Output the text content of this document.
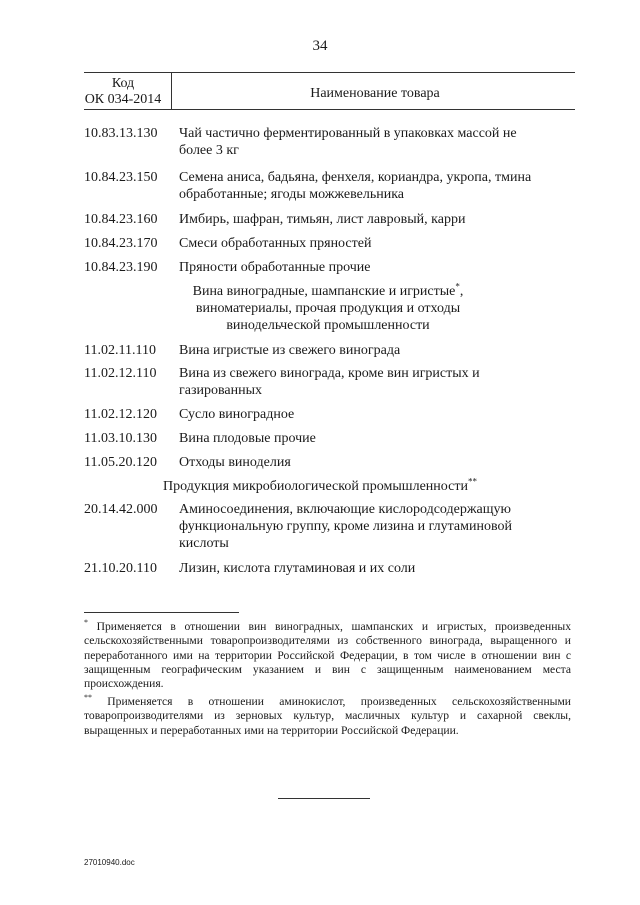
34
Код
ОК 034-2014	Наименование товара
10.83.13.130 Чай частично ферментированный в упаковках массой не
более 3 кг
10.84.23.150 Семена аниса, бадьяна, фенхеля, кориандра, укропа, тмина
обработанные; ягоды можжевельника
10.84.23.160 Имбирь, шафран, тимьян, лист лавровый, карри
10.84.23.170 Смеси обработанных пряностей
10.84.23.190 Пряности обработанные прочие
Вина виноградные, шампанские и игристые*,
виноматериалы, прочая продукция и отходы
винодельческой промышленности
11.02.11.110 Вина игристые из свежего винограда
11.02.12.110 Вина из свежего винограда, кроме вин игристых и
газированных
11.02.12.120 Сусло виноградное
11.03.10.130 Вина плодовые прочие
11.05.20.120 Отходы виноделия
Продукция микробиологической промышленности**
20.14.42.000 Аминосоединения, включающие кислородсодержащую
функциональную группу, кроме лизина и глутаминовой
кислоты
21.10.20.110 Лизин, кислота глутаминовая и их соли
* Применяется в отношении вин виноградных, шампанских и игристых, произведенных сельскохозяйственными товаропроизводителями из собственного винограда, выращенного и переработанного ими на территории Российской Федерации, в том числе в отношении вин с защищенным географическим указанием и вин с защищенным наименованием места происхождения.
** Применяется в отношении аминокислот, произведенных сельскохозяйственными товаропроизводителями из зерновых культур, масличных культур и сахарной свеклы, выращенных и переработанных ими на территории Российской Федерации.
27010940.doc
